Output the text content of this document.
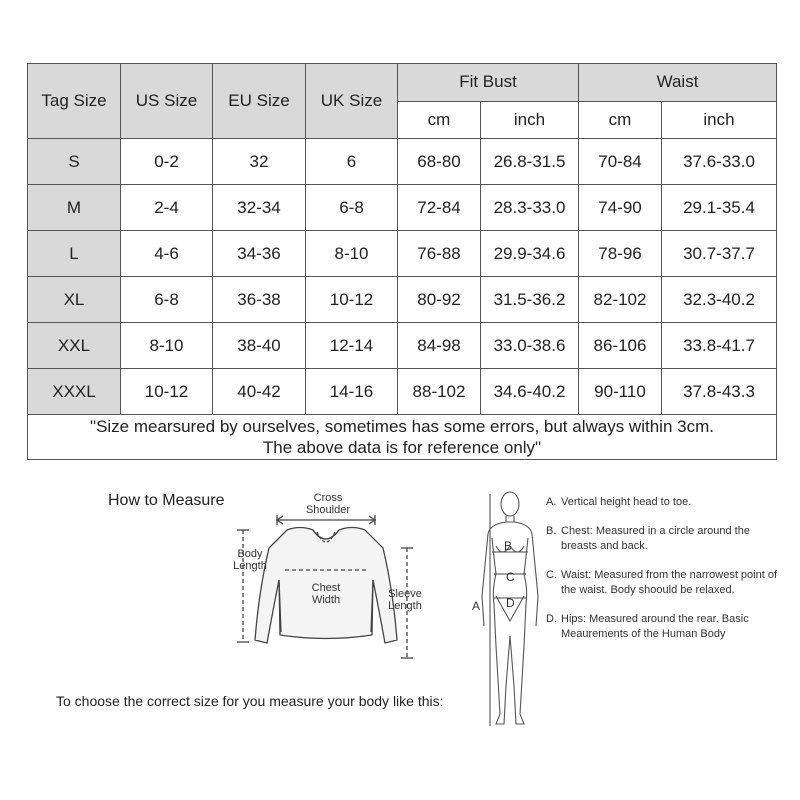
Tag Size	US Size	EU Size	UK Size	Fit Bust		Waist	
				cm	inch	cm	inch
S	0-2	32	6	68-80	26.8-31.5	70-84	37.6-33.0
M	2-4	32-34	6-8	72-84	28.3-33.0	74-90	29.1-35.4
L	4-6	34-36	8-10	76-88	29.9-34.6	78-96	30.7-37.7
XL	6-8	36-38	10-12	80-92	31.5-36.2	82-102	32.3-40.2
XXL	8-10	38-40	12-14	84-98	33.0-38.6	86-106	33.8-41.7
XXXL	10-12	40-42	14-16	88-102	34.6-40.2	90-110	37.8-43.3

"Size mearsured by ourselves, sometimes has some errors, but always within 3cm.
The above data is for reference only"							
How to Measure	Cross
Shoulder
Body
Length
Chest
Width	Sleeve
Length
To choose the correct size for you measure your body like this:
B
C
D
A
A. Vertical height head to toe.
B. Chest: Measured in a circle around the breasts and back.
C. Waist: Measured from the narrowest point of the waist. Body shoould be relaxed.
D. Hips: Measured around the rear. Basic Meaurements of the Human Body
